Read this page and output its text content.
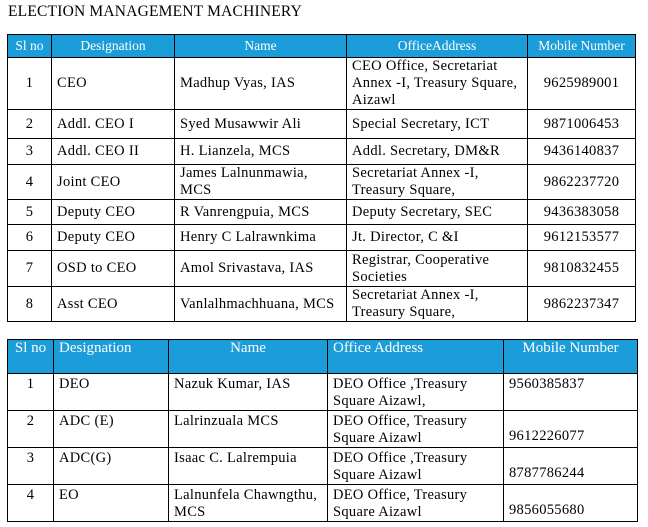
ELECTION MANAGEMENT MACHINERY
Sl no	Designation	Name	OfficeAddress	Mobile Number
1	CEO	Madhup Vyas, IAS	CEO Office, Secretariat Annex -I, Treasury Square, Aizawl	9625989001
2	Addl. CEO I	Syed Musawwir Ali	Special Secretary, ICT	9871006453
3	Addl. CEO II	H. Lianzela, MCS	Addl. Secretary, DM&R	9436140837
4	Joint CEO	James Lalnunmawia, MCS	Secretariat Annex -I, Treasury Square,	9862237720
5	Deputy CEO	R Vanrengpuia, MCS	Deputy Secretary, SEC	9436383058
6	Deputy CEO	Henry C Lalrawnkima	Jt. Director, C &I	9612153577
7	OSD to CEO	Amol Srivastava, IAS	Registrar, Cooperative Societies	9810832455
8	Asst CEO	Vanlalhmachhuana, MCS	Secretariat Annex -I, Treasury Square,	9862237347
Sl no	Designation	Name	Office Address	Mobile Number
1	DEO	Nazuk Kumar, IAS	DEO Office ,Treasury Square Aizawl,	9560385837
2	ADC (E)	Lalrinzuala MCS	DEO Office, Treasury Square Aizawl	9612226077
3	ADC(G)	Isaac C. Lalrempuia	DEO Office ,Treasury Square Aizawl	8787786244
4	EO	Lalnunfela Chawngthu, MCS	DEO Office, Treasury Square Aizawl	9856055680
